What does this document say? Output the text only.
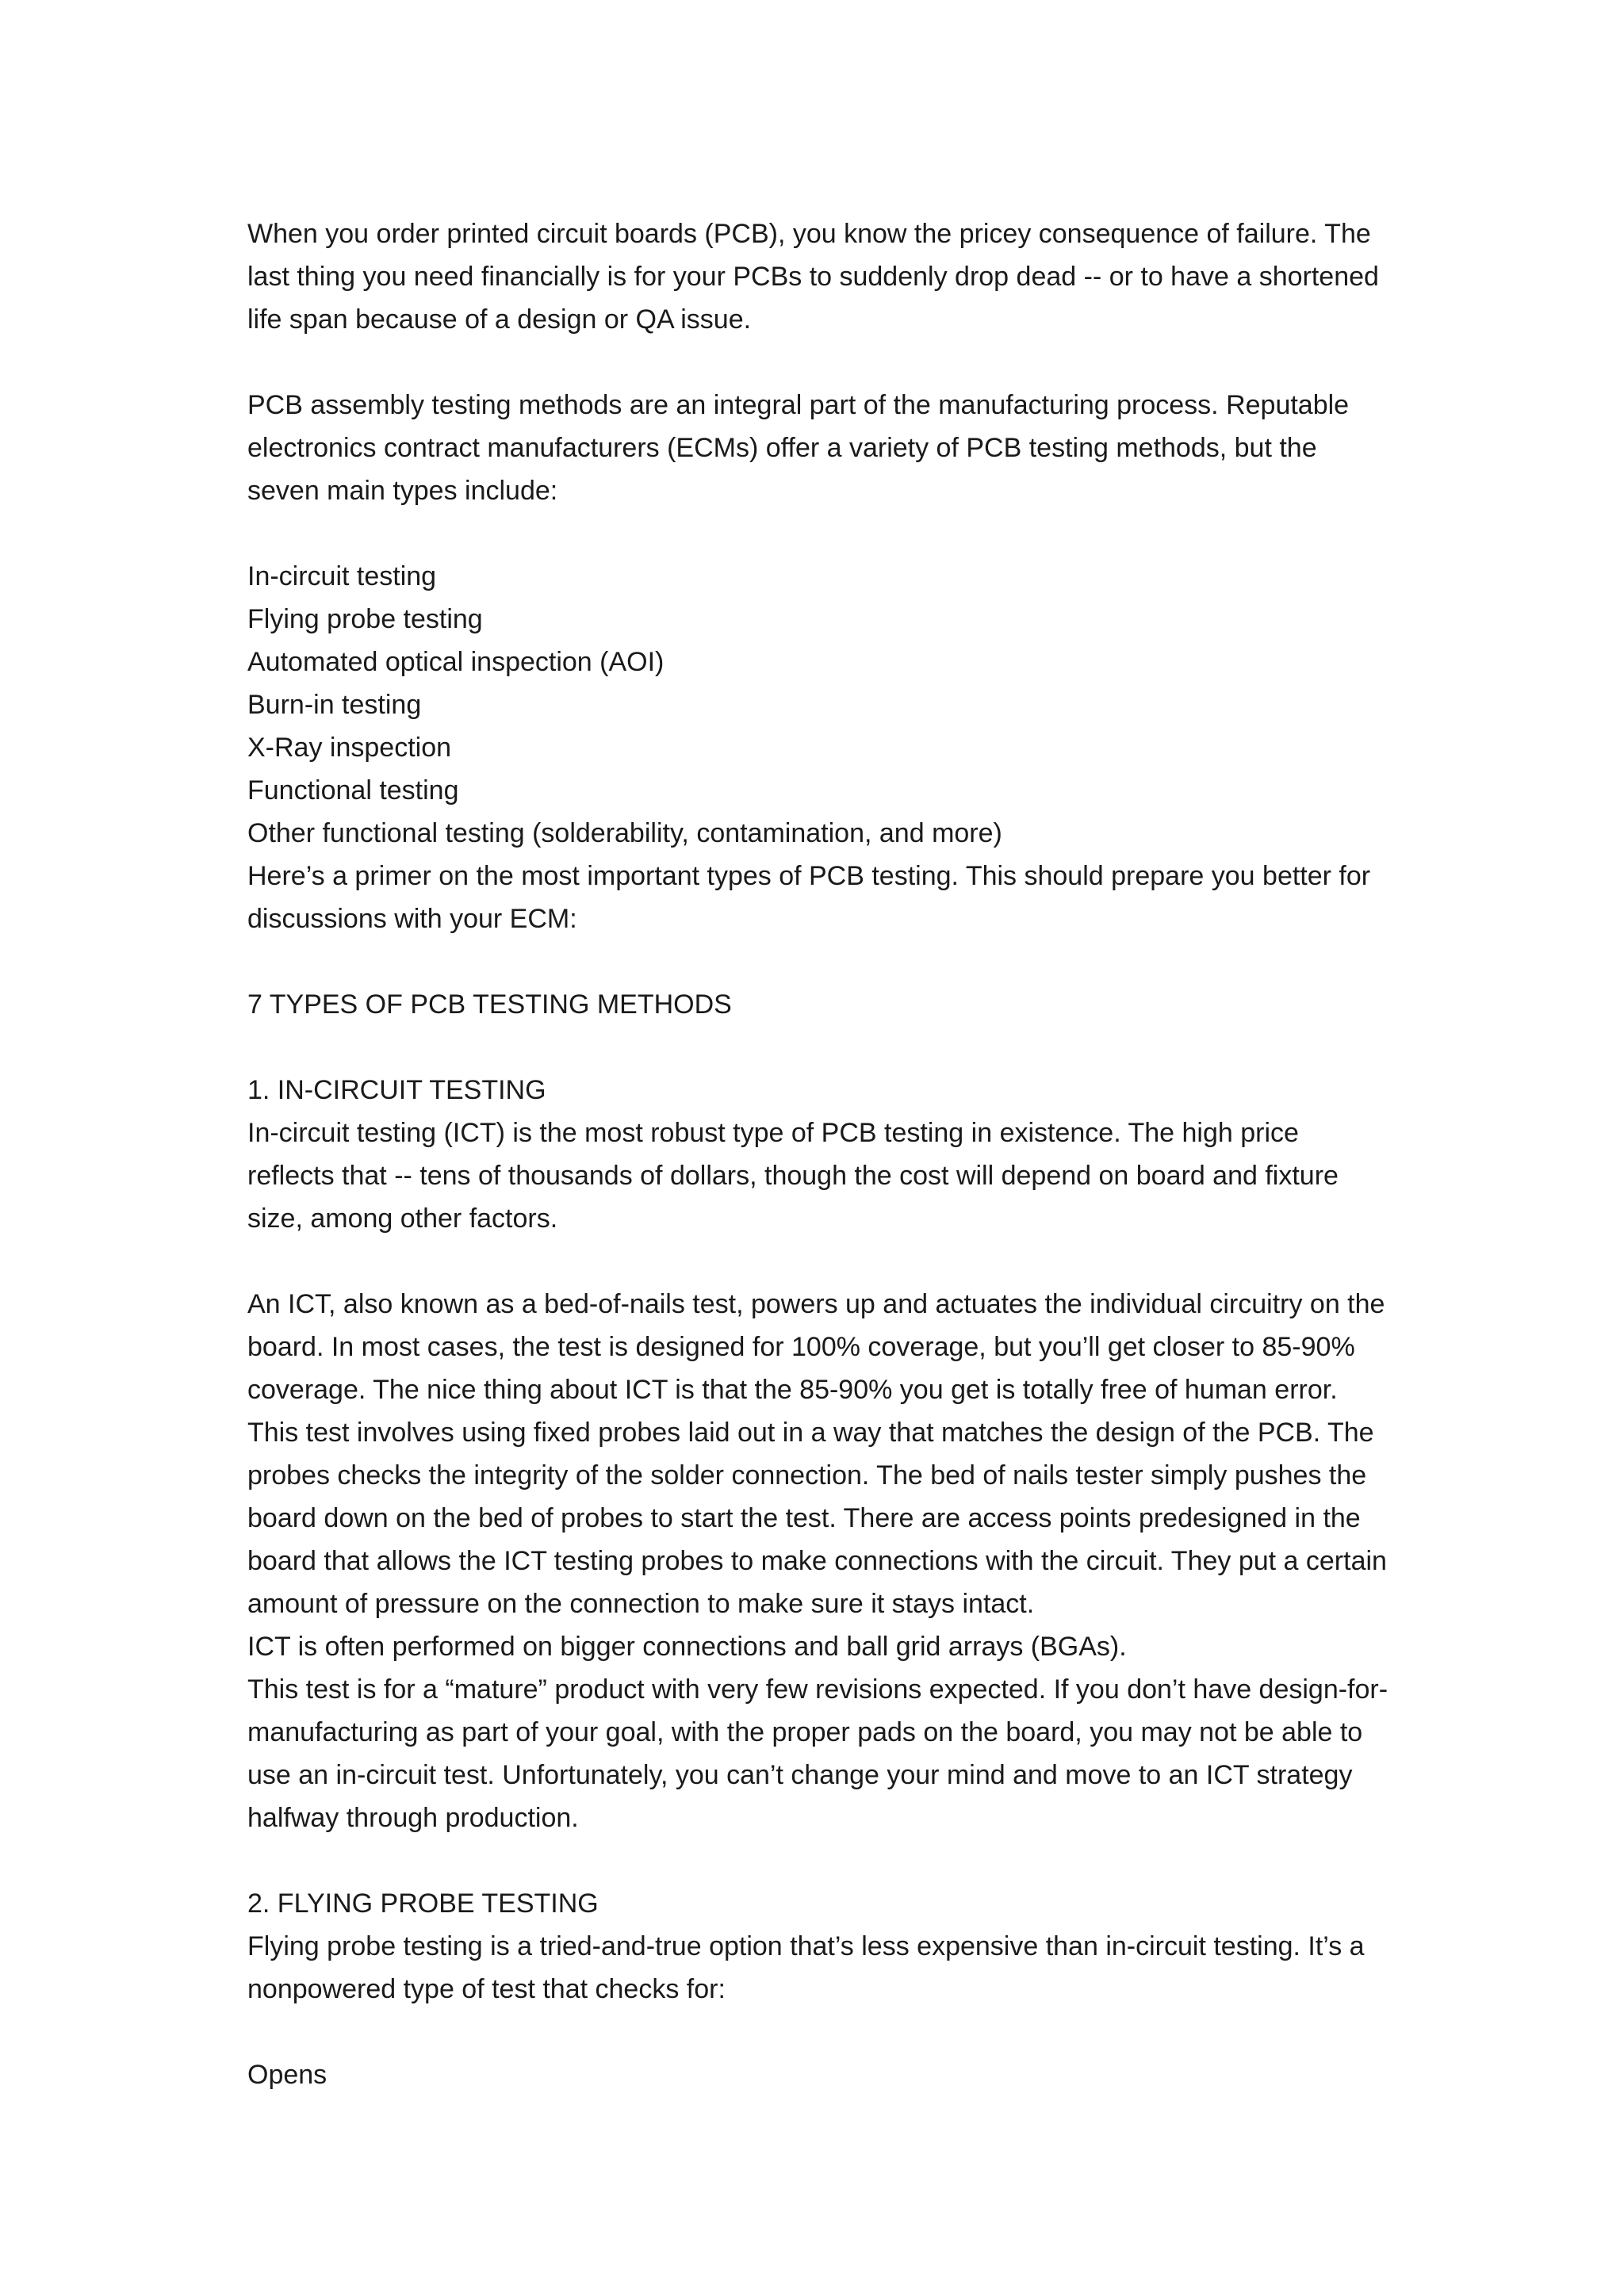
When you order printed circuit boards (PCB), you know the pricey consequence of failure. The last thing you need financially is for your PCBs to suddenly drop dead -- or to have a shortened life span because of a design or QA issue.

PCB assembly testing methods are an integral part of the manufacturing process. Reputable electronics contract manufacturers (ECMs) offer a variety of PCB testing methods, but the seven main types include:

In-circuit testing

Flying probe testing

Automated optical inspection (AOI)

Burn-in testing

X-Ray inspection

Functional testing

Other functional testing (solderability, contamination, and more)

Here’s a primer on the most important types of PCB testing. This should prepare you better for discussions with your ECM:

7 TYPES OF PCB TESTING METHODS

1. IN-CIRCUIT TESTING

In-circuit testing (ICT) is the most robust type of PCB testing in existence. The high price reflects that -- tens of thousands of dollars, though the cost will depend on board and fixture size, among other factors.

An ICT, also known as a bed-of-nails test, powers up and actuates the individual circuitry on the board. In most cases, the test is designed for 100% coverage, but you’ll get closer to 85-90% coverage. The nice thing about ICT is that the 85-90% you get is totally free of human error.

This test involves using fixed probes laid out in a way that matches the design of the PCB. The probes checks the integrity of the solder connection. The bed of nails tester simply pushes the board down on the bed of probes to start the test. There are access points predesigned in the board that allows the ICT testing probes to make connections with the circuit. They put a certain amount of pressure on the connection to make sure it stays intact.

ICT is often performed on bigger connections and ball grid arrays (BGAs).

This test is for a “mature” product with very few revisions expected. If you don’t have design-for-manufacturing as part of your goal, with the proper pads on the board, you may not be able to use an in-circuit test. Unfortunately, you can’t change your mind and move to an ICT strategy halfway through production.

2. FLYING PROBE TESTING

Flying probe testing is a tried-and-true option that’s less expensive than in-circuit testing. It’s a nonpowered type of test that checks for:

Opens
